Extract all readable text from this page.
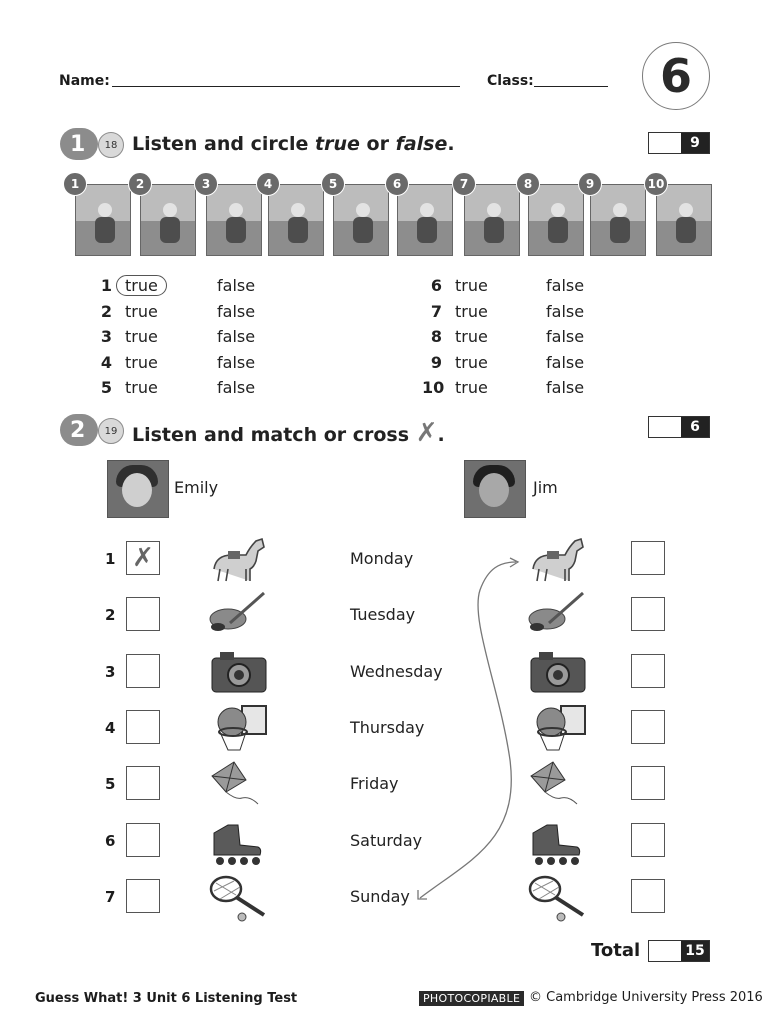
Name:	Class:	6
1	18 Listen and circle true or false.	9
1	2	3	4	5	6	7	8	9	10
1 true	false
2 true	false
3 true	false
4 true	false
5 true	false
6 true	false
7 true	false
8 true	false
9 true	false
10 true	false
2	19 Listen and match or cross ✗.	6
Emily	Jim
1 ✗	Monday
2	Tuesday
3	Wednesday
4	Thursday
5	Friday
6	Saturday
7	Sunday
Total	15
Guess What! 3 Unit 6 Listening Test	PHOTOCOPIABLE © Cambridge University Press 2016
